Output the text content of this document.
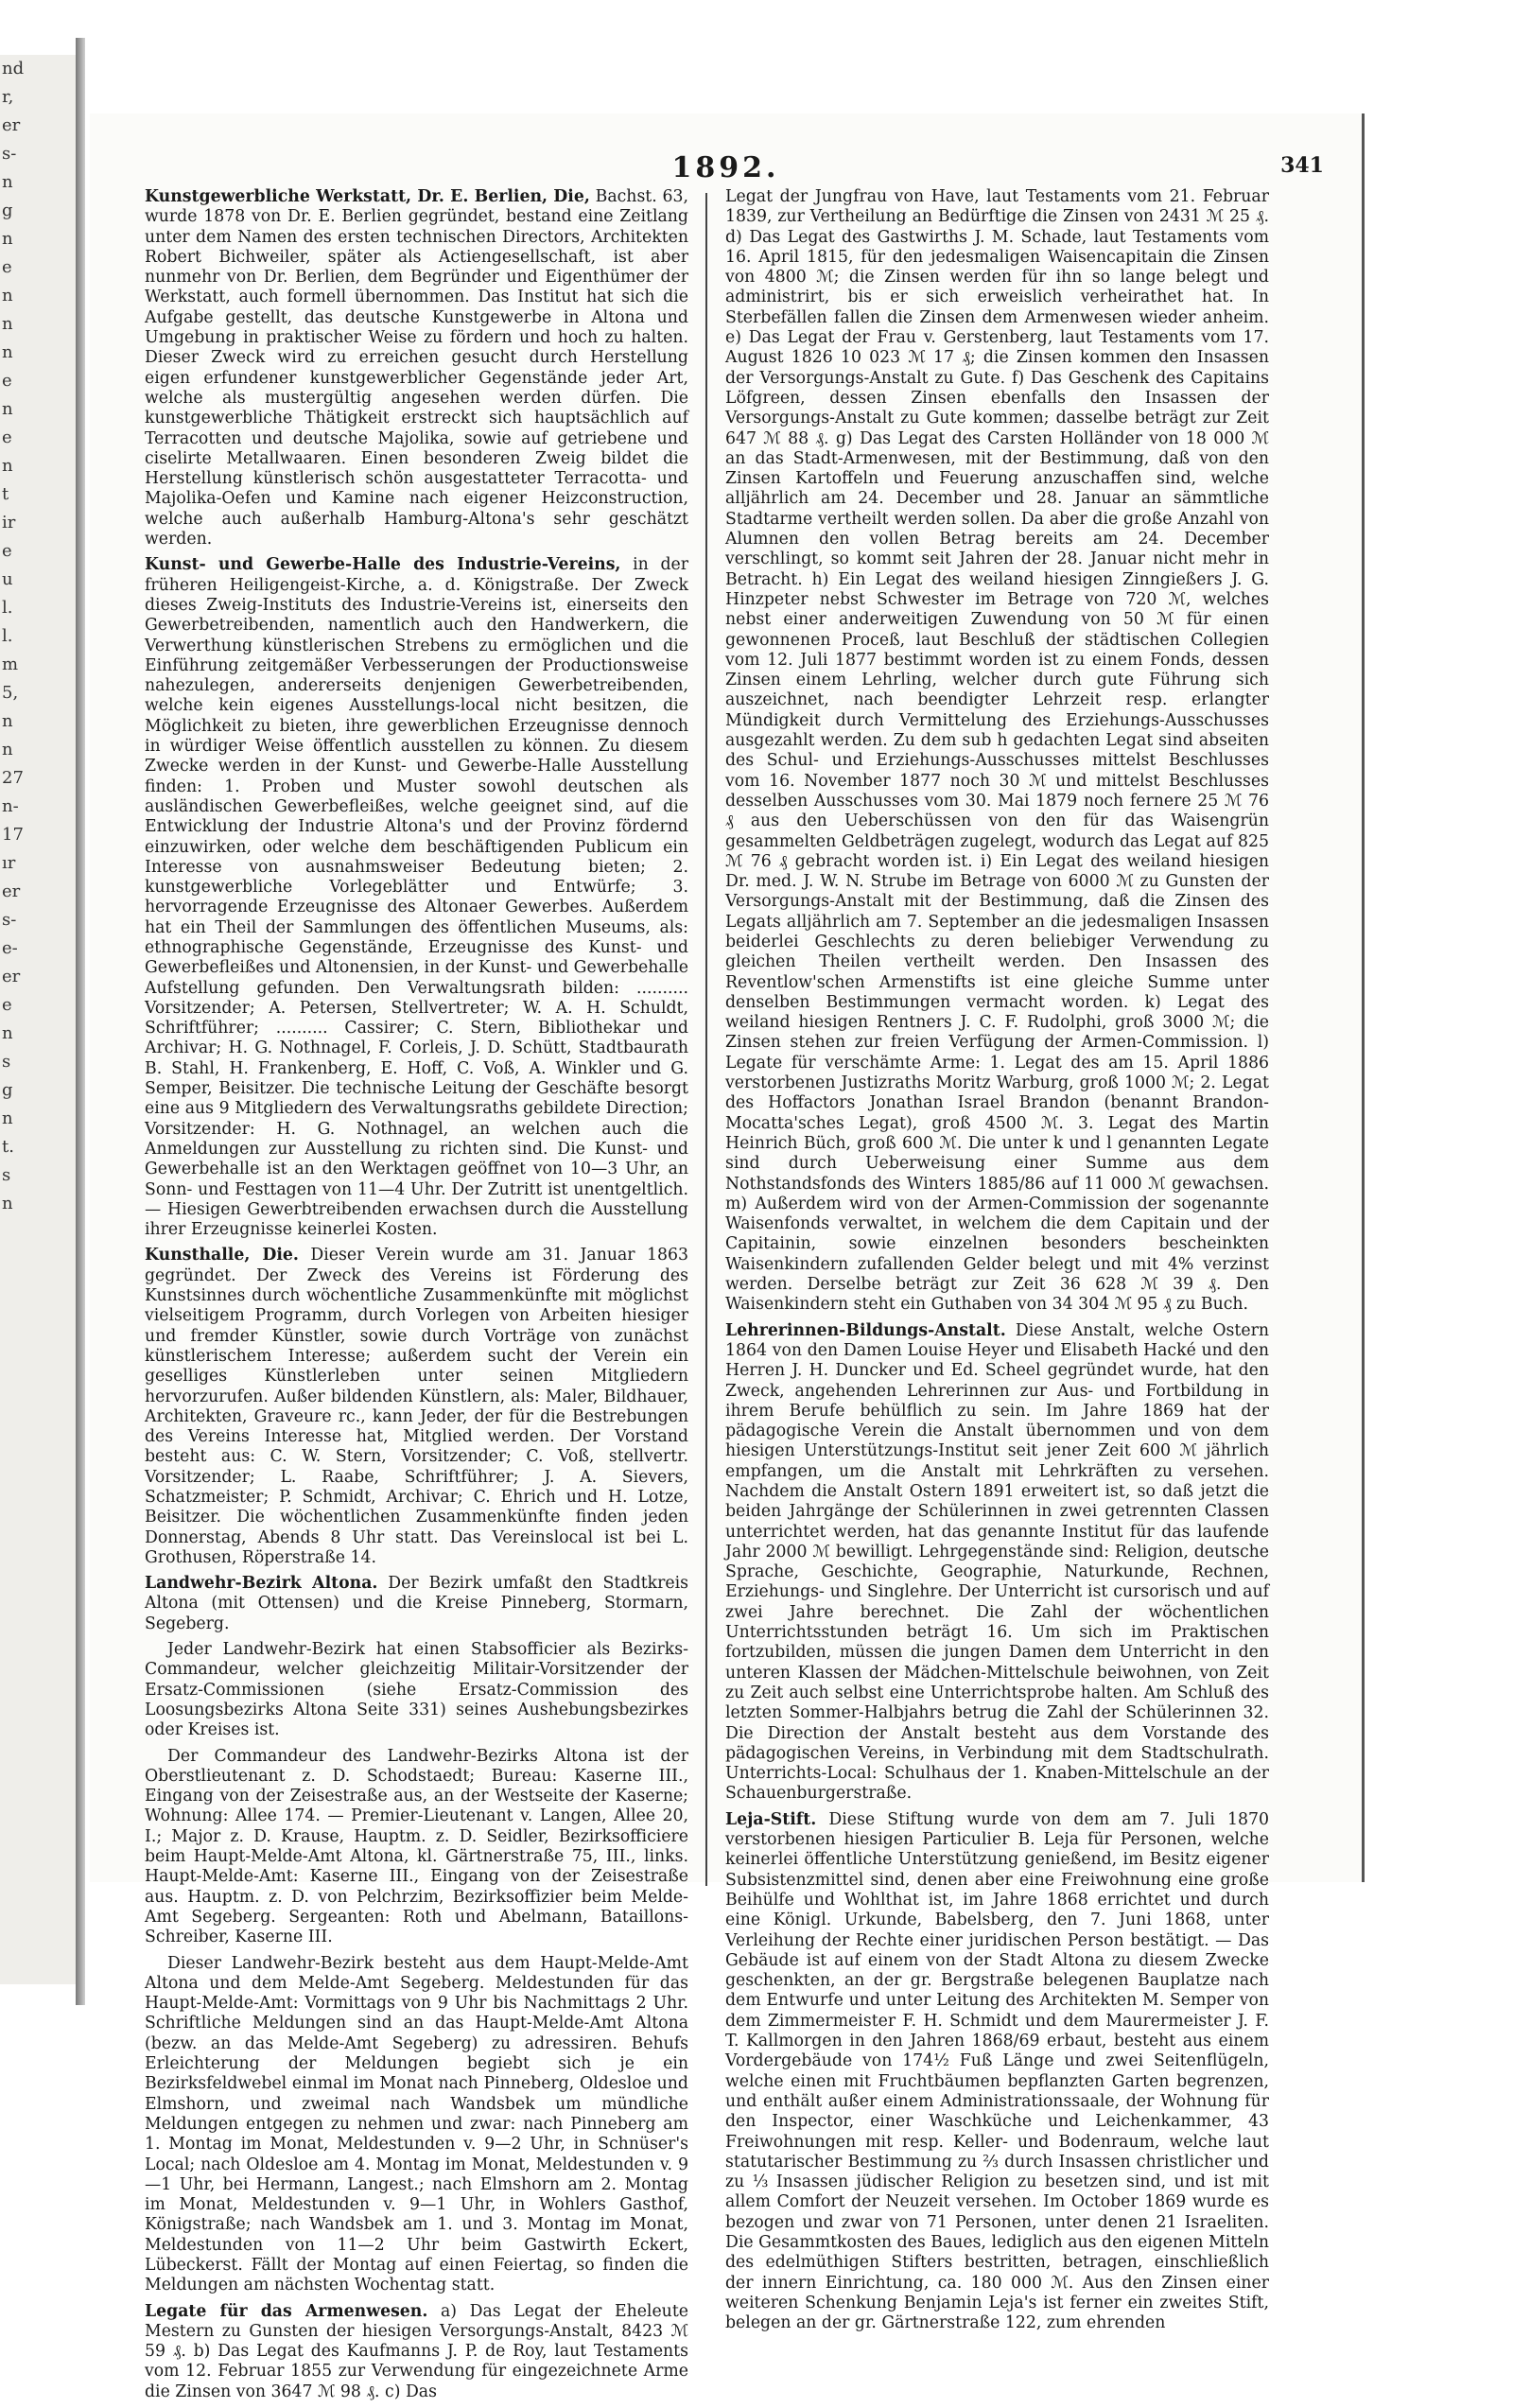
nd
r,
er
s-
n
g
n
e
n
n
n
e
n
e
n
t
ir
e
u
l.
l.
m
5,
n
n
27
n-
17
ır
er
s-
e-
er
e
n
s
g
n
t.
s
n
1892.	341

Kunstgewerbliche Werkstatt, Dr. E. Berlien, Die, Bachst. 63, wurde 1878 von Dr. E. Berlien gegründet, bestand eine Zeitlang unter dem Namen des ersten technischen Directors, Architekten Robert Bichweiler, später als Actiengesellschaft, ist aber nunmehr von Dr. Berlien, dem Begründer und Eigenthümer der Werkstatt, auch formell übernommen. Das Institut hat sich die Aufgabe gestellt, das deutsche Kunstgewerbe in Altona und Umgebung in praktischer Weise zu fördern und hoch zu halten. Dieser Zweck wird zu erreichen gesucht durch Herstellung eigen erfundener kunstgewerblicher Gegenstände jeder Art, welche als mustergültig angesehen werden dürfen. Die kunstgewerbliche Thätigkeit erstreckt sich hauptsächlich auf Terracotten und deutsche Majolika, sowie auf getriebene und ciselirte Metallwaaren. Einen besonderen Zweig bildet die Herstellung künstlerisch schön ausgestatteter Terracotta- und Majolika-Oefen und Kamine nach eigener Heizconstruction, welche auch außerhalb Hamburg-Altona's sehr geschätzt werden.

Kunst- und Gewerbe-Halle des Industrie-Vereins, in der früheren Heiligengeist-Kirche, a. d. Königstraße. Der Zweck dieses Zweig-Instituts des Industrie-Vereins ist, einerseits den Gewerbetreibenden, namentlich auch den Handwerkern, die Verwerthung künstlerischen Strebens zu ermöglichen und die Einführung zeitgemäßer Verbesserungen der Productionsweise nahezulegen, andererseits denjenigen Gewerbetreibenden, welche kein eigenes Ausstellungs-local nicht besitzen, die Möglichkeit zu bieten, ihre gewerblichen Erzeugnisse dennoch in würdiger Weise öffentlich ausstellen zu können. Zu diesem Zwecke werden in der Kunst- und Gewerbe-Halle Ausstellung finden: 1. Proben und Muster sowohl deutschen als ausländischen Gewerbefleißes, welche geeignet sind, auf die Entwicklung der Industrie Altona's und der Provinz fördernd einzuwirken, oder welche dem beschäftigenden Publicum ein Interesse von ausnahmsweiser Bedeutung bieten; 2. kunstgewerbliche Vorlegeblätter und Entwürfe; 3. hervorragende Erzeugnisse des Altonaer Gewerbes. Außerdem hat ein Theil der Sammlungen des öffentlichen Museums, als: ethnographische Gegenstände, Erzeugnisse des Kunst- und Gewerbefleißes und Altonensien, in der Kunst- und Gewerbehalle Aufstellung gefunden. Den Verwaltungsrath bilden: .......... Vorsitzender; A. Petersen, Stellvertreter; W. A. H. Schuldt, Schriftführer; .......... Cassirer; C. Stern, Bibliothekar und Archivar; H. G. Nothnagel, F. Corleis, J. D. Schütt, Stadtbaurath B. Stahl, H. Frankenberg, E. Hoff, C. Voß, A. Winkler und G. Semper, Beisitzer. Die technische Leitung der Geschäfte besorgt eine aus 9 Mitgliedern des Verwaltungsraths gebildete Direction; Vorsitzender: H. G. Nothnagel, an welchen auch die Anmeldungen zur Ausstellung zu richten sind. Die Kunst- und Gewerbehalle ist an den Werktagen geöffnet von 10—3 Uhr, an Sonn- und Festtagen von 11—4 Uhr. Der Zutritt ist unentgeltlich. — Hiesigen Gewerbtreibenden erwachsen durch die Ausstellung ihrer Erzeugnisse keinerlei Kosten.

Kunsthalle, Die. Dieser Verein wurde am 31. Januar 1863 gegründet. Der Zweck des Vereins ist Förderung des Kunstsinnes durch wöchentliche Zusammenkünfte mit möglichst vielseitigem Programm, durch Vorlegen von Arbeiten hiesiger und fremder Künstler, sowie durch Vorträge von zunächst künstlerischem Interesse; außerdem sucht der Verein ein geselliges Künstlerleben unter seinen Mitgliedern hervorzurufen. Außer bildenden Künstlern, als: Maler, Bildhauer, Architekten, Graveure rc., kann Jeder, der für die Bestrebungen des Vereins Interesse hat, Mitglied werden. Der Vorstand besteht aus: C. W. Stern, Vorsitzender; C. Voß, stellvertr. Vorsitzender; L. Raabe, Schriftführer; J. A. Sievers, Schatzmeister; P. Schmidt, Archivar; C. Ehrich und H. Lotze, Beisitzer. Die wöchentlichen Zusammenkünfte finden jeden Donnerstag, Abends 8 Uhr statt. Das Vereinslocal ist bei L. Grothusen, Röperstraße 14.

Landwehr-Bezirk Altona. Der Bezirk umfaßt den Stadtkreis Altona (mit Ottensen) und die Kreise Pinneberg, Stormarn, Segeberg.

Jeder Landwehr-Bezirk hat einen Stabsofficier als Bezirks-Commandeur, welcher gleichzeitig Militair-Vorsitzender der Ersatz-Commissionen (siehe Ersatz-Commission des Loosungsbezirks Altona Seite 331) seines Aushebungsbezirkes oder Kreises ist.

Der Commandeur des Landwehr-Bezirks Altona ist der Oberstlieutenant z. D. Schodstaedt; Bureau: Kaserne III., Eingang von der Zeisestraße aus, an der Westseite der Kaserne; Wohnung: Allee 174. — Premier-Lieutenant v. Langen, Allee 20, I.; Major z. D. Krause, Hauptm. z. D. Seidler, Bezirksofficiere beim Haupt-Melde-Amt Altona, kl. Gärtnerstraße 75, III., links. Haupt-Melde-Amt: Kaserne III., Eingang von der Zeisestraße aus. Hauptm. z. D. von Pelchrzim, Bezirksoffizier beim Melde-Amt Segeberg. Sergeanten: Roth und Abelmann, Bataillons-Schreiber, Kaserne III.

Dieser Landwehr-Bezirk besteht aus dem Haupt-Melde-Amt Altona und dem Melde-Amt Segeberg. Meldestunden für das Haupt-Melde-Amt: Vormittags von 9 Uhr bis Nachmittags 2 Uhr. Schriftliche Meldungen sind an das Haupt-Melde-Amt Altona (bezw. an das Melde-Amt Segeberg) zu adressiren. Behufs Erleichterung der Meldungen begiebt sich je ein Bezirksfeldwebel einmal im Monat nach Pinneberg, Oldesloe und Elmshorn, und zweimal nach Wandsbek um mündliche Meldungen entgegen zu nehmen und zwar: nach Pinneberg am 1. Montag im Monat, Meldestunden v. 9—2 Uhr, in Schnüser's Local; nach Oldesloe am 4. Montag im Monat, Meldestunden v. 9—1 Uhr, bei Hermann, Langest.; nach Elmshorn am 2. Montag im Monat, Meldestunden v. 9—1 Uhr, in Wohlers Gasthof, Königstraße; nach Wandsbek am 1. und 3. Montag im Monat, Meldestunden von 11—2 Uhr beim Gastwirth Eckert, Lübeckerst. Fällt der Montag auf einen Feiertag, so finden die Meldungen am nächsten Wochentag statt.

Legate für das Armenwesen. a) Das Legat der Eheleute Mestern zu Gunsten der hiesigen Versorgungs-Anstalt, 8423 ℳ 59 ₰. b) Das Legat des Kaufmanns J. P. de Roy, laut Testaments vom 12. Februar 1855 zur Verwendung für eingezeichnete Arme die Zinsen von 3647 ℳ 98 ₰. c) Das

Legat der Jungfrau von Have, laut Testaments vom 21. Februar 1839, zur Vertheilung an Bedürftige die Zinsen von 2431 ℳ 25 ₰. d) Das Legat des Gastwirths J. M. Schade, laut Testaments vom 16. April 1815, für den jedesmaligen Waisencapitain die Zinsen von 4800 ℳ; die Zinsen werden für ihn so lange belegt und administrirt, bis er sich erweislich verheirathet hat. In Sterbefällen fallen die Zinsen dem Armenwesen wieder anheim. e) Das Legat der Frau v. Gerstenberg, laut Testaments vom 17. August 1826 10 023 ℳ 17 ₰; die Zinsen kommen den Insassen der Versorgungs-Anstalt zu Gute. f) Das Geschenk des Capitains Löfgreen, dessen Zinsen ebenfalls den Insassen der Versorgungs-Anstalt zu Gute kommen; dasselbe beträgt zur Zeit 647 ℳ 88 ₰. g) Das Legat des Carsten Holländer von 18 000 ℳ an das Stadt-Armenwesen, mit der Bestimmung, daß von den Zinsen Kartoffeln und Feuerung anzuschaffen sind, welche alljährlich am 24. December und 28. Januar an sämmtliche Stadtarme vertheilt werden sollen. Da aber die große Anzahl von Alumnen den vollen Betrag bereits am 24. December verschlingt, so kommt seit Jahren der 28. Januar nicht mehr in Betracht. h) Ein Legat des weiland hiesigen Zinngießers J. G. Hinzpeter nebst Schwester im Betrage von 720 ℳ, welches nebst einer anderweitigen Zuwendung von 50 ℳ für einen gewonnenen Proceß, laut Beschluß der städtischen Collegien vom 12. Juli 1877 bestimmt worden ist zu einem Fonds, dessen Zinsen einem Lehrling, welcher durch gute Führung sich auszeichnet, nach beendigter Lehrzeit resp. erlangter Mündigkeit durch Vermittelung des Erziehungs-Ausschusses ausgezahlt werden. Zu dem sub h gedachten Legat sind abseiten des Schul- und Erziehungs-Ausschusses mittelst Beschlusses vom 16. November 1877 noch 30 ℳ und mittelst Beschlusses desselben Ausschusses vom 30. Mai 1879 noch fernere 25 ℳ 76 ₰ aus den Ueberschüssen von den für das Waisengrün gesammelten Geldbeträgen zugelegt, wodurch das Legat auf 825 ℳ 76 ₰ gebracht worden ist. i) Ein Legat des weiland hiesigen Dr. med. J. W. N. Strube im Betrage von 6000 ℳ zu Gunsten der Versorgungs-Anstalt mit der Bestimmung, daß die Zinsen des Legats alljährlich am 7. September an die jedesmaligen Insassen beiderlei Geschlechts zu deren beliebiger Verwendung zu gleichen Theilen vertheilt werden. Den Insassen des Reventlow'schen Armenstifts ist eine gleiche Summe unter denselben Bestimmungen vermacht worden. k) Legat des weiland hiesigen Rentners J. C. F. Rudolphi, groß 3000 ℳ; die Zinsen stehen zur freien Verfügung der Armen-Commission. l) Legate für verschämte Arme: 1. Legat des am 15. April 1886 verstorbenen Justizraths Moritz Warburg, groß 1000 ℳ; 2. Legat des Hoffactors Jonathan Israel Brandon (benannt Brandon-Mocatta'sches Legat), groß 4500 ℳ. 3. Legat des Martin Heinrich Büch, groß 600 ℳ. Die unter k und l genannten Legate sind durch Ueberweisung einer Summe aus dem Nothstandsfonds des Winters 1885/86 auf 11 000 ℳ gewachsen. m) Außerdem wird von der Armen-Commission der sogenannte Waisenfonds verwaltet, in welchem die dem Capitain und der Capitainin, sowie einzelnen besonders bescheinkten Waisenkindern zufallenden Gelder belegt und mit 4% verzinst werden. Derselbe beträgt zur Zeit 36 628 ℳ 39 ₰. Den Waisenkindern steht ein Guthaben von 34 304 ℳ 95 ₰ zu Buch.

Lehrerinnen-Bildungs-Anstalt. Diese Anstalt, welche Ostern 1864 von den Damen Louise Heyer und Elisabeth Hacké und den Herren J. H. Duncker und Ed. Scheel gegründet wurde, hat den Zweck, angehenden Lehrerinnen zur Aus- und Fortbildung in ihrem Berufe behülflich zu sein. Im Jahre 1869 hat der pädagogische Verein die Anstalt übernommen und von dem hiesigen Unterstützungs-Institut seit jener Zeit 600 ℳ jährlich empfangen, um die Anstalt mit Lehrkräften zu versehen. Nachdem die Anstalt Ostern 1891 erweitert ist, so daß jetzt die beiden Jahrgänge der Schülerinnen in zwei getrennten Classen unterrichtet werden, hat das genannte Institut für das laufende Jahr 2000 ℳ bewilligt. Lehrgegenstände sind: Religion, deutsche Sprache, Geschichte, Geographie, Naturkunde, Rechnen, Erziehungs- und Singlehre. Der Unterricht ist cursorisch und auf zwei Jahre berechnet. Die Zahl der wöchentlichen Unterrichtsstunden beträgt 16. Um sich im Praktischen fortzubilden, müssen die jungen Damen dem Unterricht in den unteren Klassen der Mädchen-Mittelschule beiwohnen, von Zeit zu Zeit auch selbst eine Unterrichtsprobe halten. Am Schluß des letzten Sommer-Halbjahrs betrug die Zahl der Schülerinnen 32. Die Direction der Anstalt besteht aus dem Vorstande des pädagogischen Vereins, in Verbindung mit dem Stadtschulrath. Unterrichts-Local: Schulhaus der 1. Knaben-Mittelschule an der Schauenburgerstraße.

Leja-Stift. Diese Stiftung wurde von dem am 7. Juli 1870 verstorbenen hiesigen Particulier B. Leja für Personen, welche keinerlei öffentliche Unterstützung genießend, im Besitz eigener Subsistenzmittel sind, denen aber eine Freiwohnung eine große Beihülfe und Wohlthat ist, im Jahre 1868 errichtet und durch eine Königl. Urkunde, Babelsberg, den 7. Juni 1868, unter Verleihung der Rechte einer juridischen Person bestätigt. — Das Gebäude ist auf einem von der Stadt Altona zu diesem Zwecke geschenkten, an der gr. Bergstraße belegenen Bauplatze nach dem Entwurfe und unter Leitung des Architekten M. Semper von dem Zimmermeister F. H. Schmidt und dem Maurermeister J. F. T. Kallmorgen in den Jahren 1868/69 erbaut, besteht aus einem Vordergebäude von 174½ Fuß Länge und zwei Seitenflügeln, welche einen mit Fruchtbäumen bepflanzten Garten begrenzen, und enthält außer einem Administrationssaale, der Wohnung für den Inspector, einer Waschküche und Leichenkammer, 43 Freiwohnungen mit resp. Keller- und Bodenraum, welche laut statutarischer Bestimmung zu ⅔ durch Insassen christlicher und zu ⅓ Insassen jüdischer Religion zu besetzen sind, und ist mit allem Comfort der Neuzeit versehen. Im October 1869 wurde es bezogen und zwar von 71 Personen, unter denen 21 Israeliten. Die Gesammtkosten des Baues, lediglich aus den eigenen Mitteln des edelmüthigen Stifters bestritten, betragen, einschließlich der innern Einrichtung, ca. 180 000 ℳ. Aus den Zinsen einer weiteren Schenkung Benjamin Leja's ist ferner ein zweites Stift, belegen an der gr. Gärtnerstraße 122, zum ehrenden
